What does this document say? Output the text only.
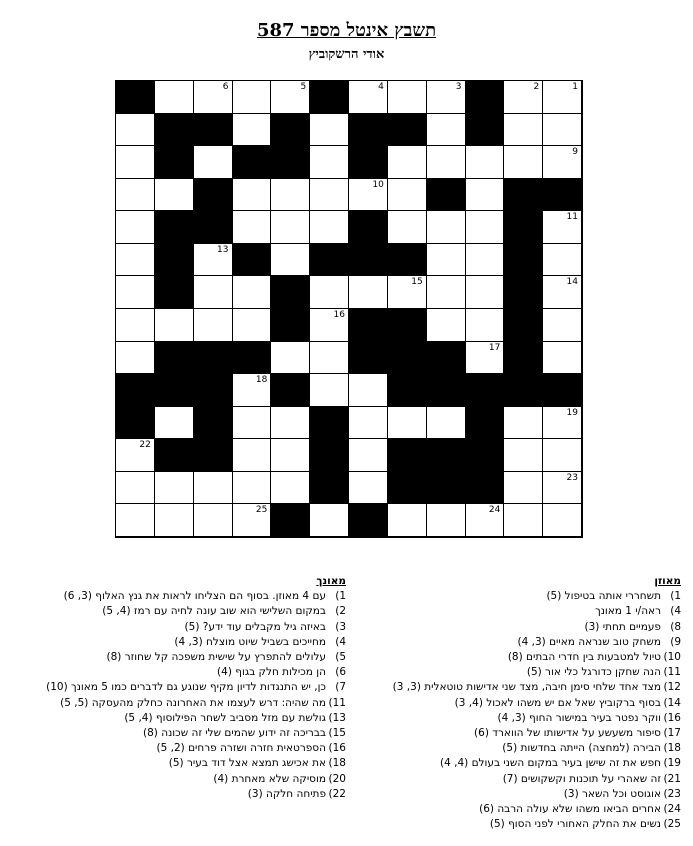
תשבץ אינטל מספר 587
אודי הרשקוביץ
1
2
3
4
5
6
7
8
9
10
11
12
13
14
15
16
17
18
19
20
21
22
23
24
25
מאוזן
1)תשחררי אותה בטיפול (5)
4)ראה/י 1 מאונך
8)פעמיים תחתי (3)
9)משחק טוב שנראה מאיים (3, 4)
10)טיול למטבעות בין חדרי הבתים (8)
11)הנה שחקן כדורגל כלי אור (5)
12)מצד אחד שלחי סימן חיבה, מצד שני אדישות טוטאלית (3, 3)
14)בסוף ברקוביץ שאל אם יש משהו לאכול (4, 3)
16)ווקר נפטר בעיר במישור החוף (3, 4)
17)סיפור משעשע על אדישותו של הווארד (6)
18)הבירה (למחצה) הייתה בחדשות (5)
19)חפש את זה שישן בעיר במקום השני בעולם (4, 4)
21)זה שאהרי על תוכנות וקשקושים (7)
23)אוגוסט וכל השאר (3)
24)אחרים הביאו משהו שלא עולה הרבה (6)
25)נשים את החלק האחורי לפני הסוף (5)
מאונך
1)עם 4 מאוזן. בסוף הם הצליחו לראות את גנץ האלוף (3, 6)
2)במקום השלישי הוא שוב עונה לחיה עם רמז (4, 5)
3)באיזה גיל מקבלים עוד ידע? (5)
4)מחייכים בשביל שיוט מוצלח (3, 4)
5)עלולים להתפרץ על שישית משפכה קל שחוזר (8)
6)הן מכילות חלק בגוף (4)
7)כן, יש התנגדות לדיון מקיף שנוגע גם לדברים כמו 5 מאונך (10)
11)מה שהיה: דרש לעצמו את האחרונה כחלק מהעסקה (5, 5)
13)גולשת עם מזל מסביב לשחר הפילוסוף (4, 5)
15)בבריכה זה ידוע שהמים שלי זה שכונה (8)
16)הספרטאית חזרה ושזרה פרחים (2, 5)
18)את אכישג תמצא אצל דוד בעיר (5)
20)מוסיקה שלא מאחרת (4)
22)פתיחה חלקה (3)
